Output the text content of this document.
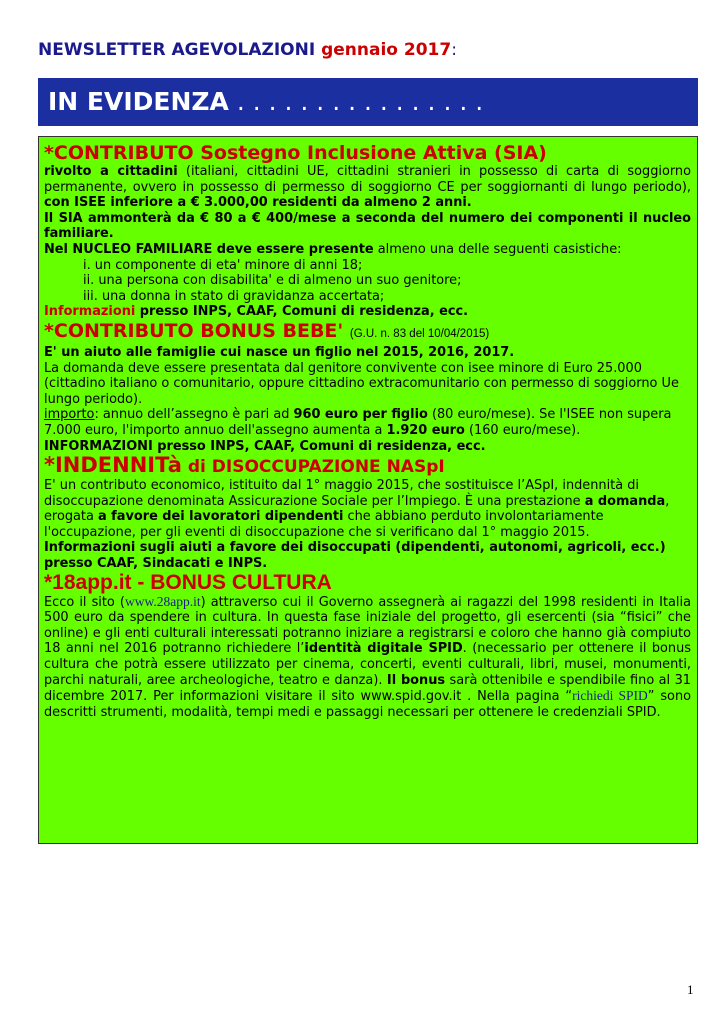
NEWSLETTER AGEVOLAZIONI gennaio 2017:
IN EVIDENZA . . . . . . . . . . . . . . . .

*CONTRIBUTO Sostegno Inclusione Attiva (SIA)

rivolto a cittadini (italiani, cittadini UE, cittadini stranieri in possesso di carta di soggiorno permanente, ovvero in possesso di permesso di soggiorno CE per soggiornanti di lungo periodo), con ISEE inferiore a € 3.000,00 residenti da almeno 2 anni.

Il SIA ammonterà da € 80 a € 400/mese a seconda del numero dei componenti il nucleo familiare.

Nel NUCLEO FAMILIARE deve essere presente almeno una delle seguenti casistiche:

i. un componente di eta' minore di anni 18;

ii. una persona con disabilita' e di almeno un suo genitore;

iii. una donna in stato di gravidanza accertata;

Informazioni presso INPS, CAAF, Comuni di residenza, ecc.

*CONTRIBUTO BONUS BEBE' (G.U. n. 83 del 10/04/2015)

E' un aiuto alle famiglie cui nasce un figlio nel 2015, 2016, 2017.

La domanda deve essere presentata dal genitore convivente con isee minore di Euro 25.000 (cittadino italiano o comunitario, oppure cittadino extracomunitario con permesso di soggiorno Ue lungo periodo).

importo: annuo dell’assegno è pari ad 960 euro per figlio (80 euro/mese). Se l'ISEE non supera 7.000 euro, l'importo annuo dell'assegno aumenta a 1.920 euro (160 euro/mese).

INFORMAZIONI presso INPS, CAAF, Comuni di residenza, ecc.

*INDENNITà di DISOCCUPAZIONE NASpI

E' un contributo economico, istituito dal 1° maggio 2015, che sostituisce l’ASpI, indennità di disoccupazione denominata Assicurazione Sociale per l’Impiego. È una prestazione a domanda, erogata a favore dei lavoratori dipendenti che abbiano perduto involontariamente l'occupazione, per gli eventi di disoccupazione che si verificano dal 1° maggio 2015.

Informazioni sugli aiuti a favore dei disoccupati (dipendenti, autonomi, agricoli, ecc.) presso CAAF, Sindacati e INPS.

*18app.it - BONUS CULTURA

Ecco il sito (www.28app.it) attraverso cui il Governo assegnerà ai ragazzi del 1998 residenti in Italia 500 euro da spendere in cultura. In questa fase iniziale del progetto, gli esercenti (sia “fisici” che online) e gli enti culturali interessati potranno iniziare a registrarsi e coloro che hanno già compiuto 18 anni nel 2016 potranno richiedere l’identità digitale SPID. (necessario per ottenere il bonus cultura che potrà essere utilizzato per cinema, concerti, eventi culturali, libri, musei, monumenti, parchi naturali, aree archeologiche, teatro e danza). Il bonus sarà ottenibile e spendibile fino al 31 dicembre 2017. Per informazioni visitare il sito www.spid.gov.it . Nella pagina “richiedi SPID” sono descritti strumenti, modalità, tempi medi e passaggi necessari per ottenere le credenziali SPID.

1
